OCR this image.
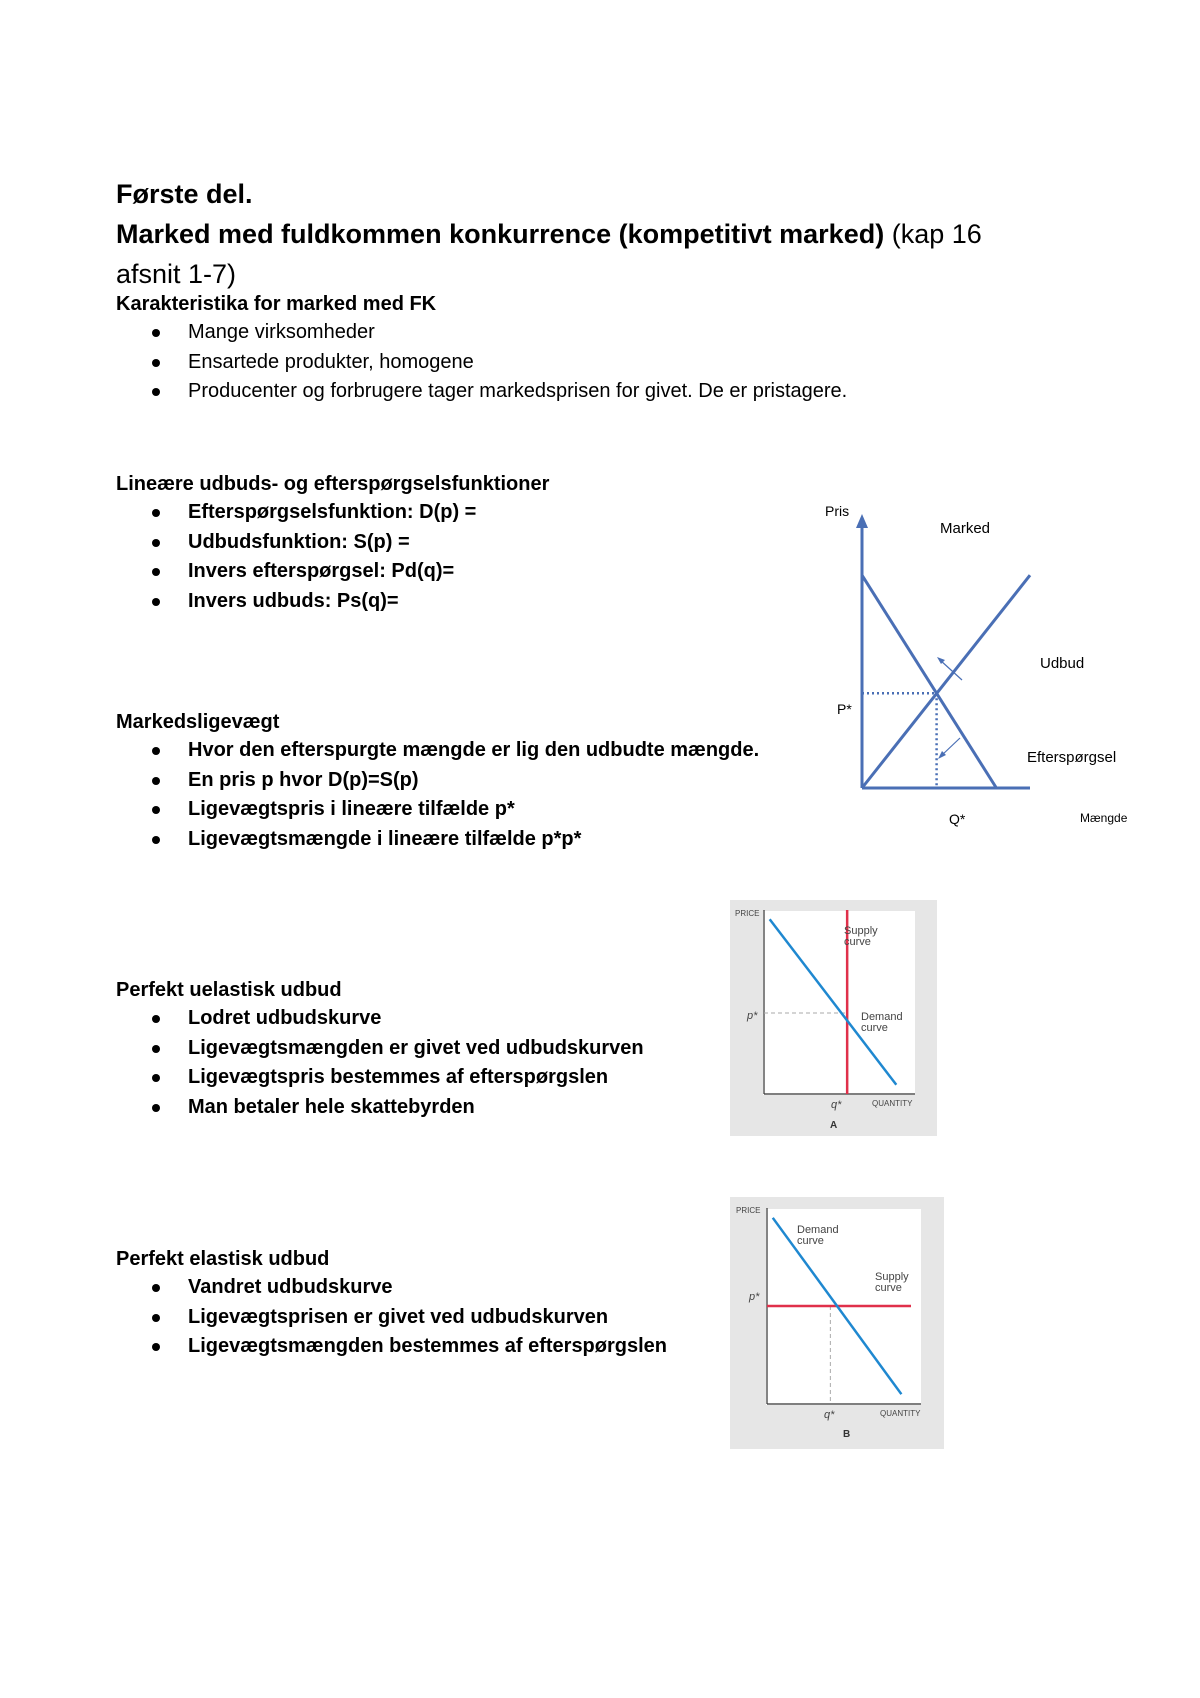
Første del.
Marked med fuldkommen konkurrence (kompetitivt marked) (kap 16
afsnit 1-7)
Karakteristika for marked med FK
Mange virksomheder
Ensartede produkter, homogene
Producenter og forbrugere tager markedsprisen for givet. De er pristagere.
Lineære udbuds- og efterspørgselsfunktioner
Efterspørgselsfunktion: D(p) =
Udbudsfunktion: S(p) =
Invers efterspørgsel: Pd(q)=
Invers udbuds: Ps(q)=
Markedsligevægt
Hvor den efterspurgte mængde er lig den udbudte mængde.
En pris p hvor D(p)=S(p)
Ligevægtspris i lineære tilfælde p*
Ligevægtsmængde i lineære tilfælde p*p*
Perfekt uelastisk udbud
Lodret udbudskurve
Ligevægtsmængden er givet ved udbudskurven
Ligevægtspris bestemmes af efterspørgslen
Man betaler hele skattebyrden
Perfekt elastisk udbud
Vandret udbudskurve
Ligevægtsprisen er givet ved udbudskurven
Ligevægtsmængden bestemmes af efterspørgslen
Pris
Marked
Udbud
Efterspørgsel
P*
Q*	Mængde
PRICE
Supply curve
Demand curve
p*
q*	QUANTITY
A
PRICE
Demand curve
Supply curve
p*
q*	QUANTITY
B
